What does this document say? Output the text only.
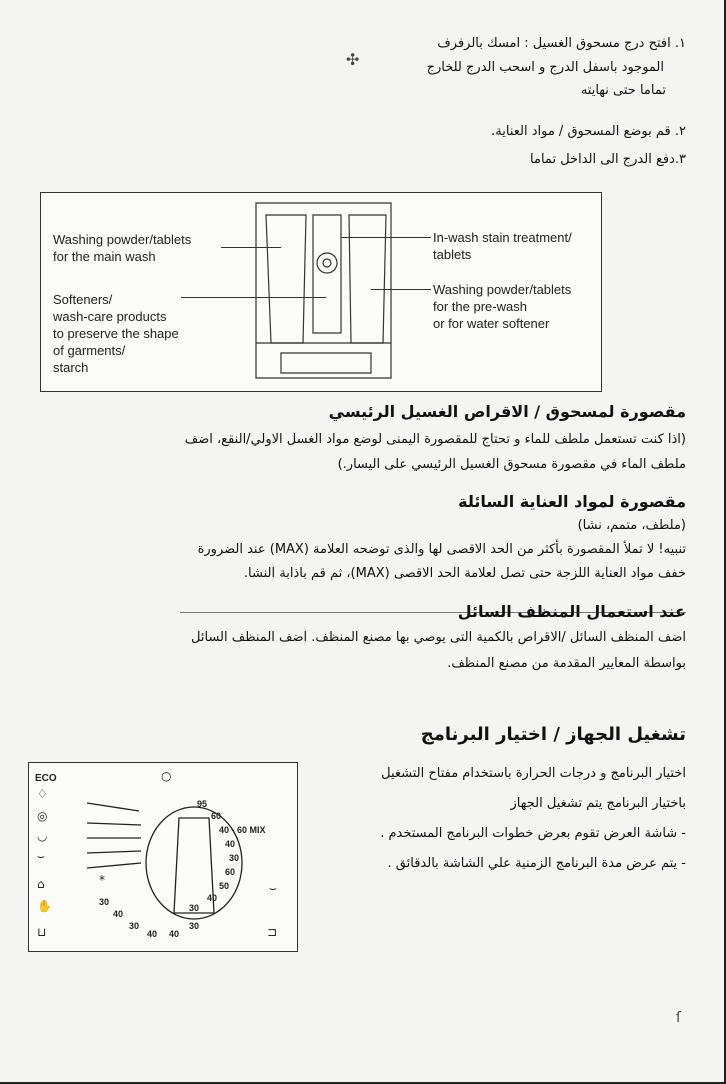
١. افتح درج مسحوق الغسيل : امسك بالرفرف
الموجود باسفل الدرج و اسحب الدرج للخارج
تماما حتى نهايته
✣
٢. قم بوضع المسحوق / مواد العناية.
٣.دفع الدرج الى الداخل تماما
Washing powder/tablets
for the main wash
Softeners/
wash-care products
to preserve the shape
of garments/
starch
In-wash stain treatment/
tablets
Washing powder/tablets
for the pre-wash
or for water softener
مقصورة لمسحوق / الاقراص الغسيل الرئيسي
(اذا كنت تستعمل ملطف للماء و تحتاج للمقصورة اليمنى لوضع مواد الغسل الاولي/النقع، اضف
ملطف الماء في مقصورة مسحوق الغسيل الرئيسي على اليسار.)
مقصورة لمواد العناية السائلة
(ملطف، متمم، نشا)
تنبيه! لا تملأ المقصورة بأكثر من الحد الاقصى لها والذى توضحه العلامة (MAX) عند الضرورة
خفف مواد العناية اللزجة حتى تصل لعلامة الحد الاقصى (MAX)، ثم قم باذابة النشا.
عند استعمال المنظف السائل
اضف المنظف السائل /الاقراص بالكمية التى يوصي بها مصنع المنظف. اضف المنظف السائل
بواسطة المعايير المقدمة من مصنع المنظف.
تشغيل الجهاز / اختيار البرنامج
اختيار البرنامج و درجات الحرارة باستخدام مفتاح التشغيل
باختيار البرنامج يتم تشغيل الجهاز
- شاشة العرض تقوم بعرض خطوات البرنامج المستخدم .
- يتم عرض مدة البرنامج الزمنية علي الشاشة بالدقائق .
ECO
♢
◎
◡
⌣
⌂
✋
⊔
○
*
95
60
40 - 60 MIX
40
30
60
50
40
30
30
40
30
40 40
30
⌣
⊐
ſ
